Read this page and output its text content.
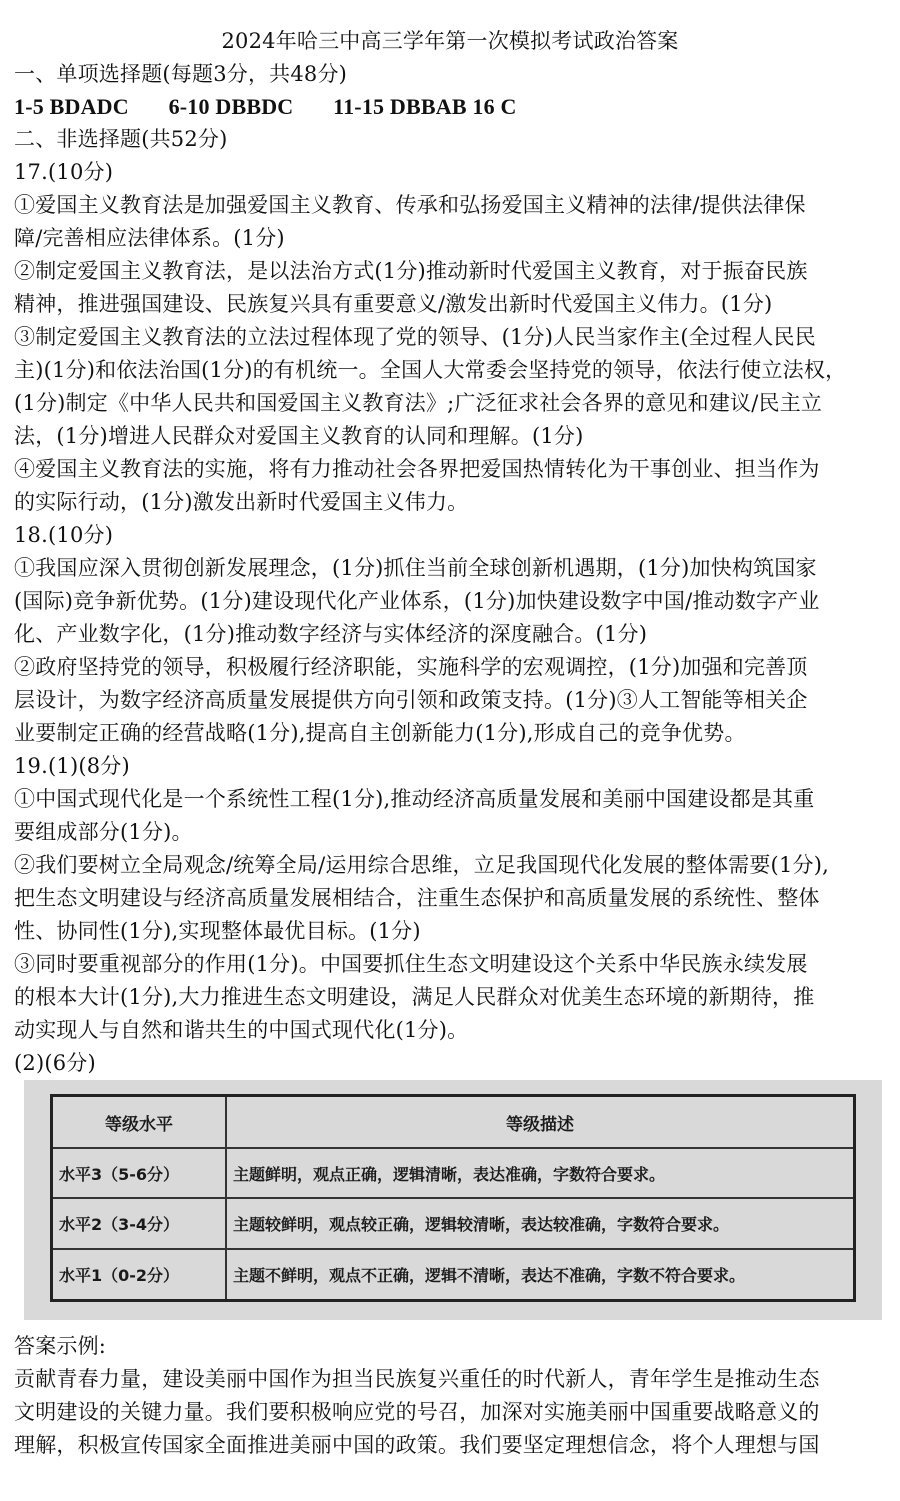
2024年哈三中高三学年第一次模拟考试政治答案
一、单项选择题(每题3分，共48分)
1-5 BDADC 6-10 DBBDC 11-15 DBBAB 16 C
二、非选择题(共52分)
17.(10分)
①爱国主义教育法是加强爱国主义教育、传承和弘扬爱国主义精神的法律/提供法律保
障/完善相应法律体系。(1分)
②制定爱国主义教育法，是以法治方式(1分)推动新时代爱国主义教育，对于振奋民族
精神，推进强国建设、民族复兴具有重要意义/激发出新时代爱国主义伟力。(1分)
③制定爱国主义教育法的立法过程体现了党的领导、(1分)人民当家作主(全过程人民民
主)(1分)和依法治国(1分)的有机统一。全国人大常委会坚持党的领导，依法行使立法权，
(1分)制定《中华人民共和国爱国主义教育法》;广泛征求社会各界的意见和建议/民主立
法，(1分)增进人民群众对爱国主义教育的认同和理解。(1分)
④爱国主义教育法的实施，将有力推动社会各界把爱国热情转化为干事创业、担当作为
的实际行动，(1分)激发出新时代爱国主义伟力。
18.(10分)
①我国应深入贯彻创新发展理念，(1分)抓住当前全球创新机遇期，(1分)加快构筑国家
(国际)竞争新优势。(1分)建设现代化产业体系，(1分)加快建设数字中国/推动数字产业
化、产业数字化，(1分)推动数字经济与实体经济的深度融合。(1分)
②政府坚持党的领导，积极履行经济职能，实施科学的宏观调控，(1分)加强和完善顶
层设计，为数字经济高质量发展提供方向引领和政策支持。(1分)③人工智能等相关企
业要制定正确的经营战略(1分),提高自主创新能力(1分),形成自己的竞争优势。
19.(1)(8分)
①中国式现代化是一个系统性工程(1分),推动经济高质量发展和美丽中国建设都是其重
要组成部分(1分)。
②我们要树立全局观念/统筹全局/运用综合思维，立足我国现代化发展的整体需要(1分),
把生态文明建设与经济高质量发展相结合，注重生态保护和高质量发展的系统性、整体
性、协同性(1分),实现整体最优目标。(1分)
③同时要重视部分的作用(1分)。中国要抓住生态文明建设这个关系中华民族永续发展
的根本大计(1分),大力推进生态文明建设，满足人民群众对优美生态环境的新期待，推
动实现人与自然和谐共生的中国式现代化(1分)。
(2)(6分)
等级水平	等级描述
水平3（5-6分）	主题鲜明，观点正确，逻辑清晰，表达准确，字数符合要求。
水平2（3-4分）	主题较鲜明，观点较正确，逻辑较清晰，表达较准确，字数符合要求。
水平1（0-2分）	主题不鲜明，观点不正确，逻辑不清晰，表达不准确，字数不符合要求。
答案示例:
贡献青春力量，建设美丽中国作为担当民族复兴重任的时代新人，青年学生是推动生态
文明建设的关键力量。我们要积极响应党的号召，加深对实施美丽中国重要战略意义的
理解，积极宣传国家全面推进美丽中国的政策。我们要坚定理想信念，将个人理想与国
